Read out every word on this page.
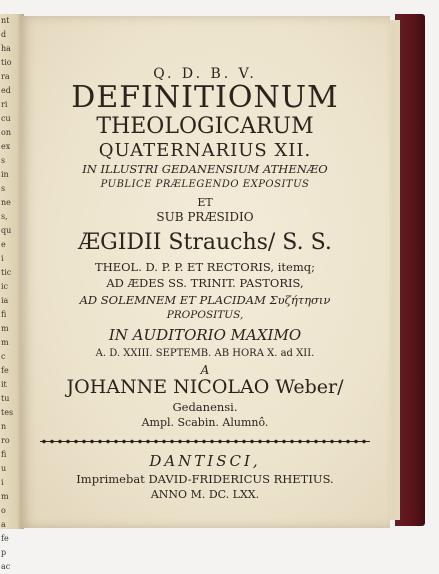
nt
d
ha
tio
ra
ed
ri
cu
on
ex
s
in
s
ne
s,
qu
e
i
tic
ic
ia
fi
m
m
c
fe
it
tu
tes
n
ro
fi
u
i
m
o
a
fe
p
ac
Q. D. B. V.
DEFINITIONUM
THEOLOGICARUM
QUATERNARIUS XII.
IN ILLUSTRI GEDANENSIUM ATHENÆO
PUBLICE PRÆLEGENDO EXPOSITUS
ET
SUB PRÆSIDIO
ÆGIDII Strauchs/ S. S.
THEOL. D. P. P. ET RECTORIS, itemq;
AD ÆDES SS. TRINIT. PASTORIS,
AD SOLEMNEM ET PLACIDAM Συζήτησιν
PROPOSITUS,
IN AUDITORIO MAXIMO
A. D. XXIII. SEPTEMB. AB HORA X. ad XII.
A
JOHANNE NICOLAO Weber/
Gedanensi.
Ampl. Scabin. Alumnô.
DANTISCI,
Imprimebat DAVID-FRIDERICUS RHETIUS.
ANNO M. DC. LXX.
